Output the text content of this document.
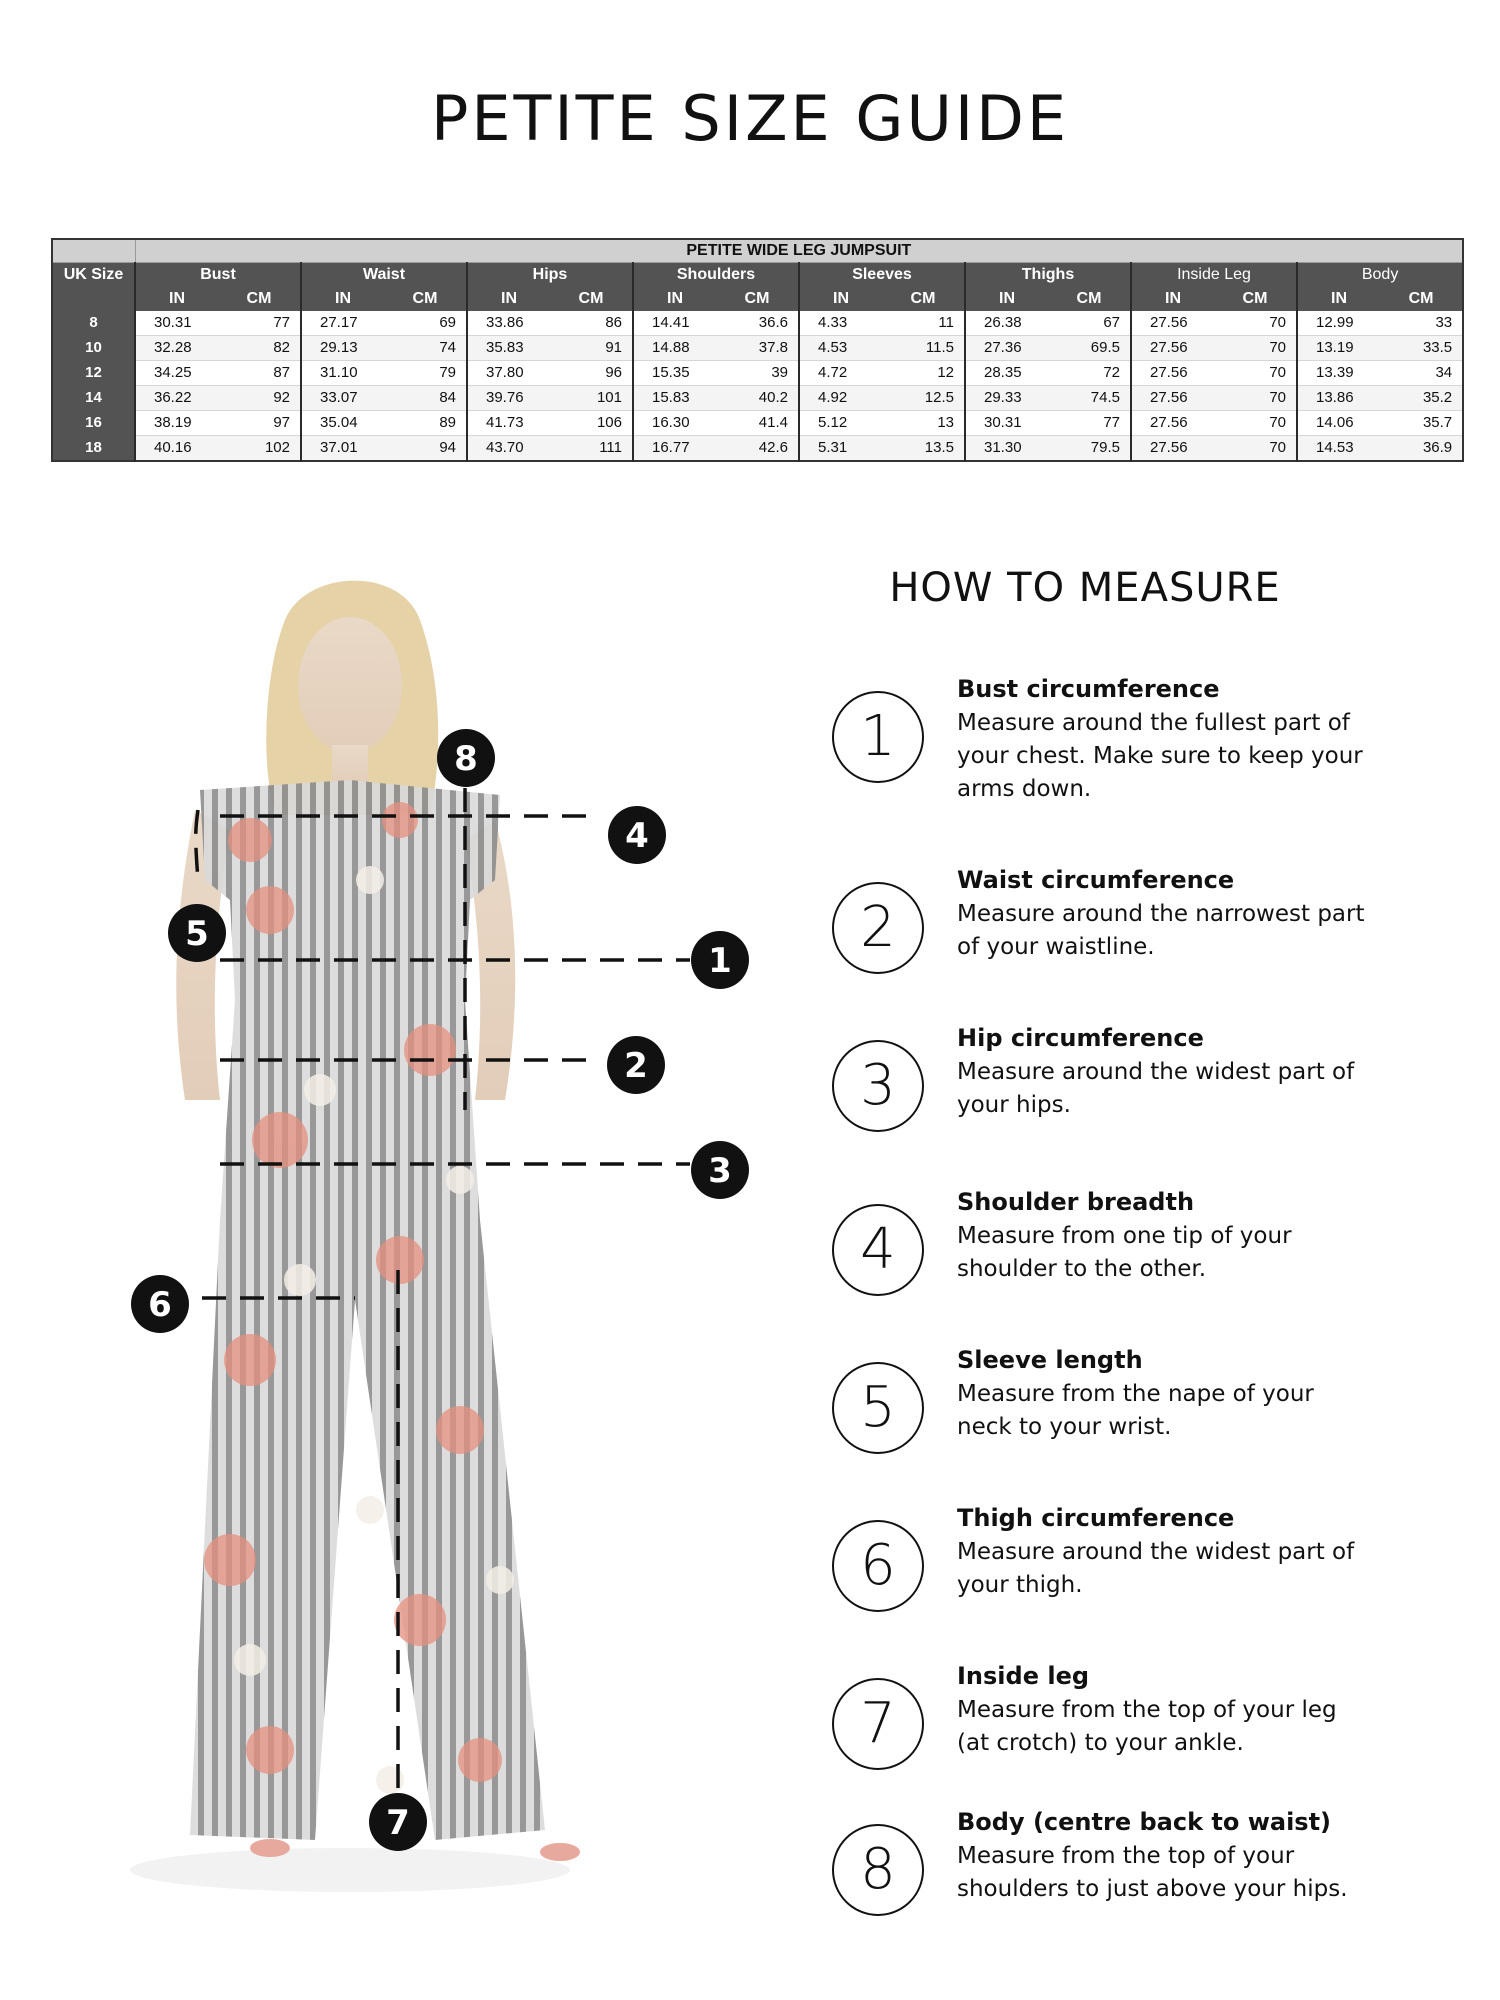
PETITE SIZE GUIDE
	PETITE WIDE LEG JUMPSUIT															
UK Size	Bust		Waist		Hips		Shoulders		Sleeves		Thighs		Inside Leg		Body	
	IN	CM	IN	CM	IN	CM	IN	CM	IN	CM	IN	CM	IN	CM	IN	CM
8	30.31	77	27.17	69	33.86	86	14.41	36.6	4.33	11	26.38	67	27.56	70	12.99	33
10	32.28	82	29.13	74	35.83	91	14.88	37.8	4.53	11.5	27.36	69.5	27.56	70	13.19	33.5
12	34.25	87	31.10	79	37.80	96	15.35	39	4.72	12	28.35	72	27.56	70	13.39	34
14	36.22	92	33.07	84	39.76	101	15.83	40.2	4.92	12.5	29.33	74.5	27.56	70	13.86	35.2
16	38.19	97	35.04	89	41.73	106	16.30	41.4	5.12	13	30.31	77	27.56	70	14.06	35.7
18	40.16	102	37.01	94	43.70	111	16.77	42.6	5.31	13.5	31.30	79.5	27.56	70	14.53	36.9
8
4
5
1
2
3
6
7
HOW TO MEASURE
1
Bust circumference
Measure around the fullest part of your chest. Make sure to keep your arms down.
2
Waist circumference
Measure around the narrowest part of your waistline.
3
Hip circumference
Measure around the widest part of your hips.
4
Shoulder breadth
Measure from one tip of your shoulder to the other.
5
Sleeve length
Measure from the nape of your neck to your wrist.
6
Thigh circumference
Measure around the widest part of your thigh.
7
Inside leg
Measure from the top of your leg (at crotch) to your ankle.
8
Body (centre back to waist)
Measure from the top of your shoulders to just above your hips.
